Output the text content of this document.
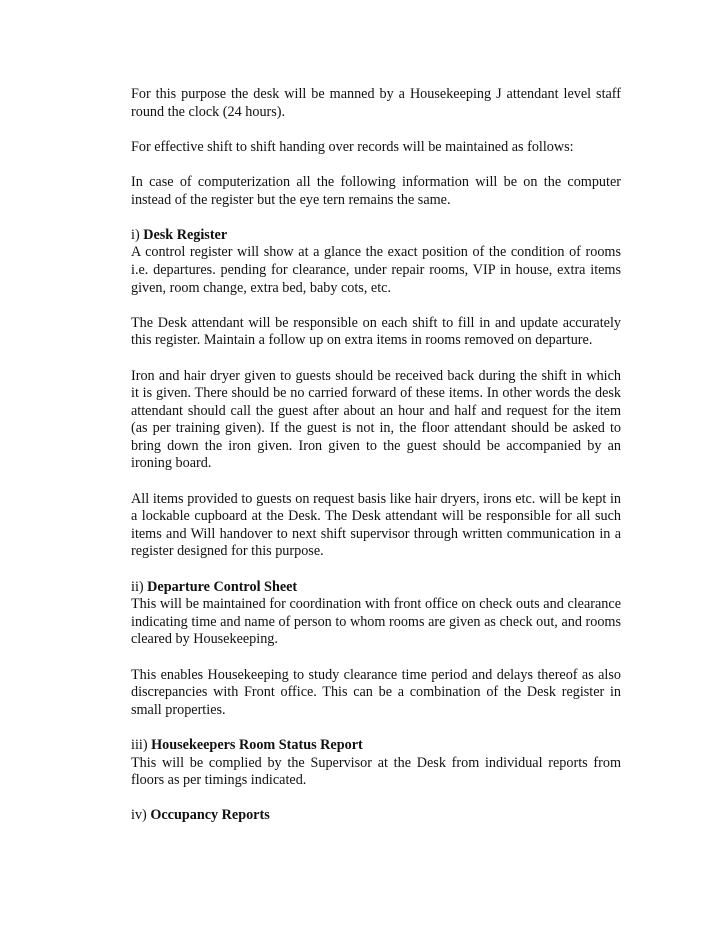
For this purpose the desk will be manned by a Housekeeping J attendant level staff round the clock (24 hours).

For effective shift to shift handing over records will be maintained as follows:

In case of computerization all the following information will be on the computer instead of the register but the eye tern remains the same.

i) Desk Register
A control register will show at a glance the exact position of the condition of rooms i.e. departures. pending for clearance, under repair rooms, VIP in house, extra items given, room change, extra bed, baby cots, etc.

The Desk attendant will be responsible on each shift to fill in and update accurately this register. Maintain a follow up on extra items in rooms removed on departure.

Iron and hair dryer given to guests should be received back during the shift in which it is given. There should be no carried forward of these items. In other words the desk attendant should call the guest after about an hour and half and request for the item (as per training given). If the guest is not in, the floor attendant should be asked to bring down the iron given. Iron given to the guest should be accompanied by an ironing board.

All items provided to guests on request basis like hair dryers, irons etc. will be kept in a lockable cupboard at the Desk. The Desk attendant will be responsible for all such items and Will handover to next shift supervisor through written communication in a register designed for this purpose.

ii) Departure Control Sheet
This will be maintained for coordination with front office on check outs and clearance indicating time and name of person to whom rooms are given as check out, and rooms cleared by Housekeeping.

This enables Housekeeping to study clearance time period and delays thereof as also discrepancies with Front office. This can be a combination of the Desk register in small properties.

iii) Housekeepers Room Status Report
This will be complied by the Supervisor at the Desk from individual reports from floors as per timings indicated.

iv) Occupancy Reports
